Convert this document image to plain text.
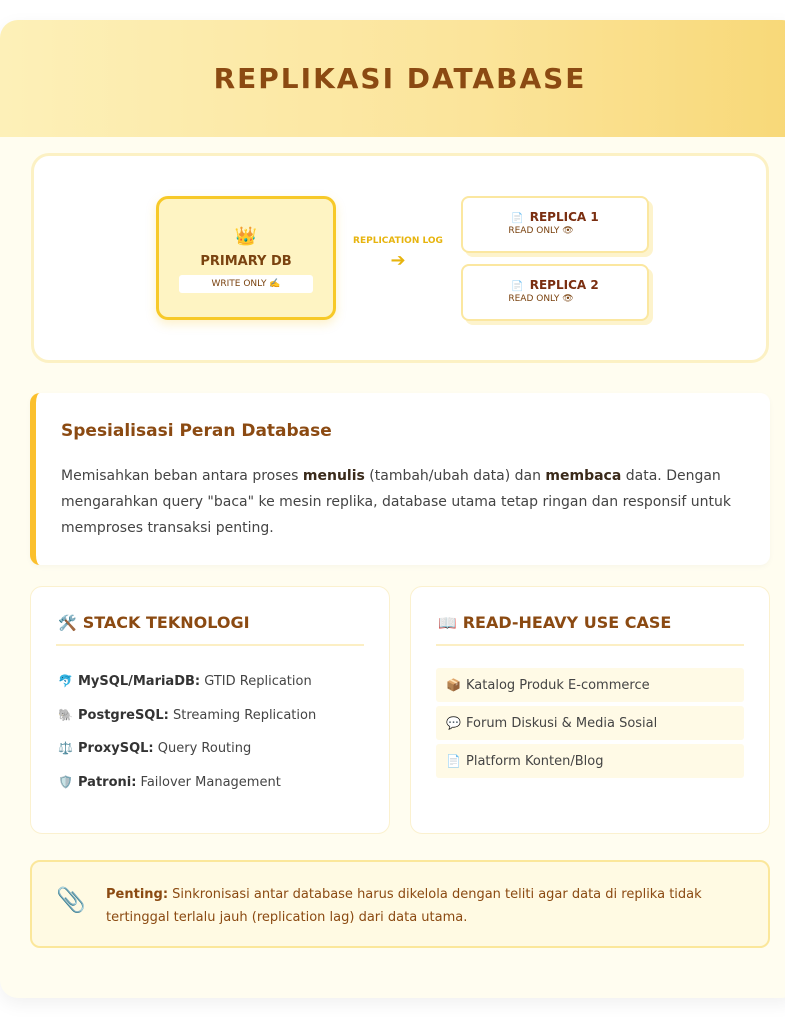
REPLIKASI DATABASE
👑
PRIMARY DB
WRITE ONLY ✍️
REPLICATION LOG
➔
📄 REPLICA 1
READ ONLY 👁
📄 REPLICA 2
READ ONLY 👁
Spesialisasi Peran Database

Memisahkan beban antara proses menulis (tambah/ubah data) dan membaca data. Dengan mengarahkan query "baca" ke mesin replika, database utama tetap ringan dan responsif untuk memproses transaksi penting.

🛠️ STACK TEKNOLOGI
🐬 MySQL/MariaDB: GTID Replication
🐘 PostgreSQL: Streaming Replication
⚖️ ProxySQL: Query Routing
🛡️ Patroni: Failover Management
📖 READ-HEAVY USE CASE
📦 Katalog Produk E-commerce
💬 Forum Diskusi & Media Sosial
📄 Platform Konten/Blog
📎 Penting: Sinkronisasi antar database harus dikelola dengan teliti agar data di replika tidak tertinggal terlalu jauh (replication lag) dari data utama.
